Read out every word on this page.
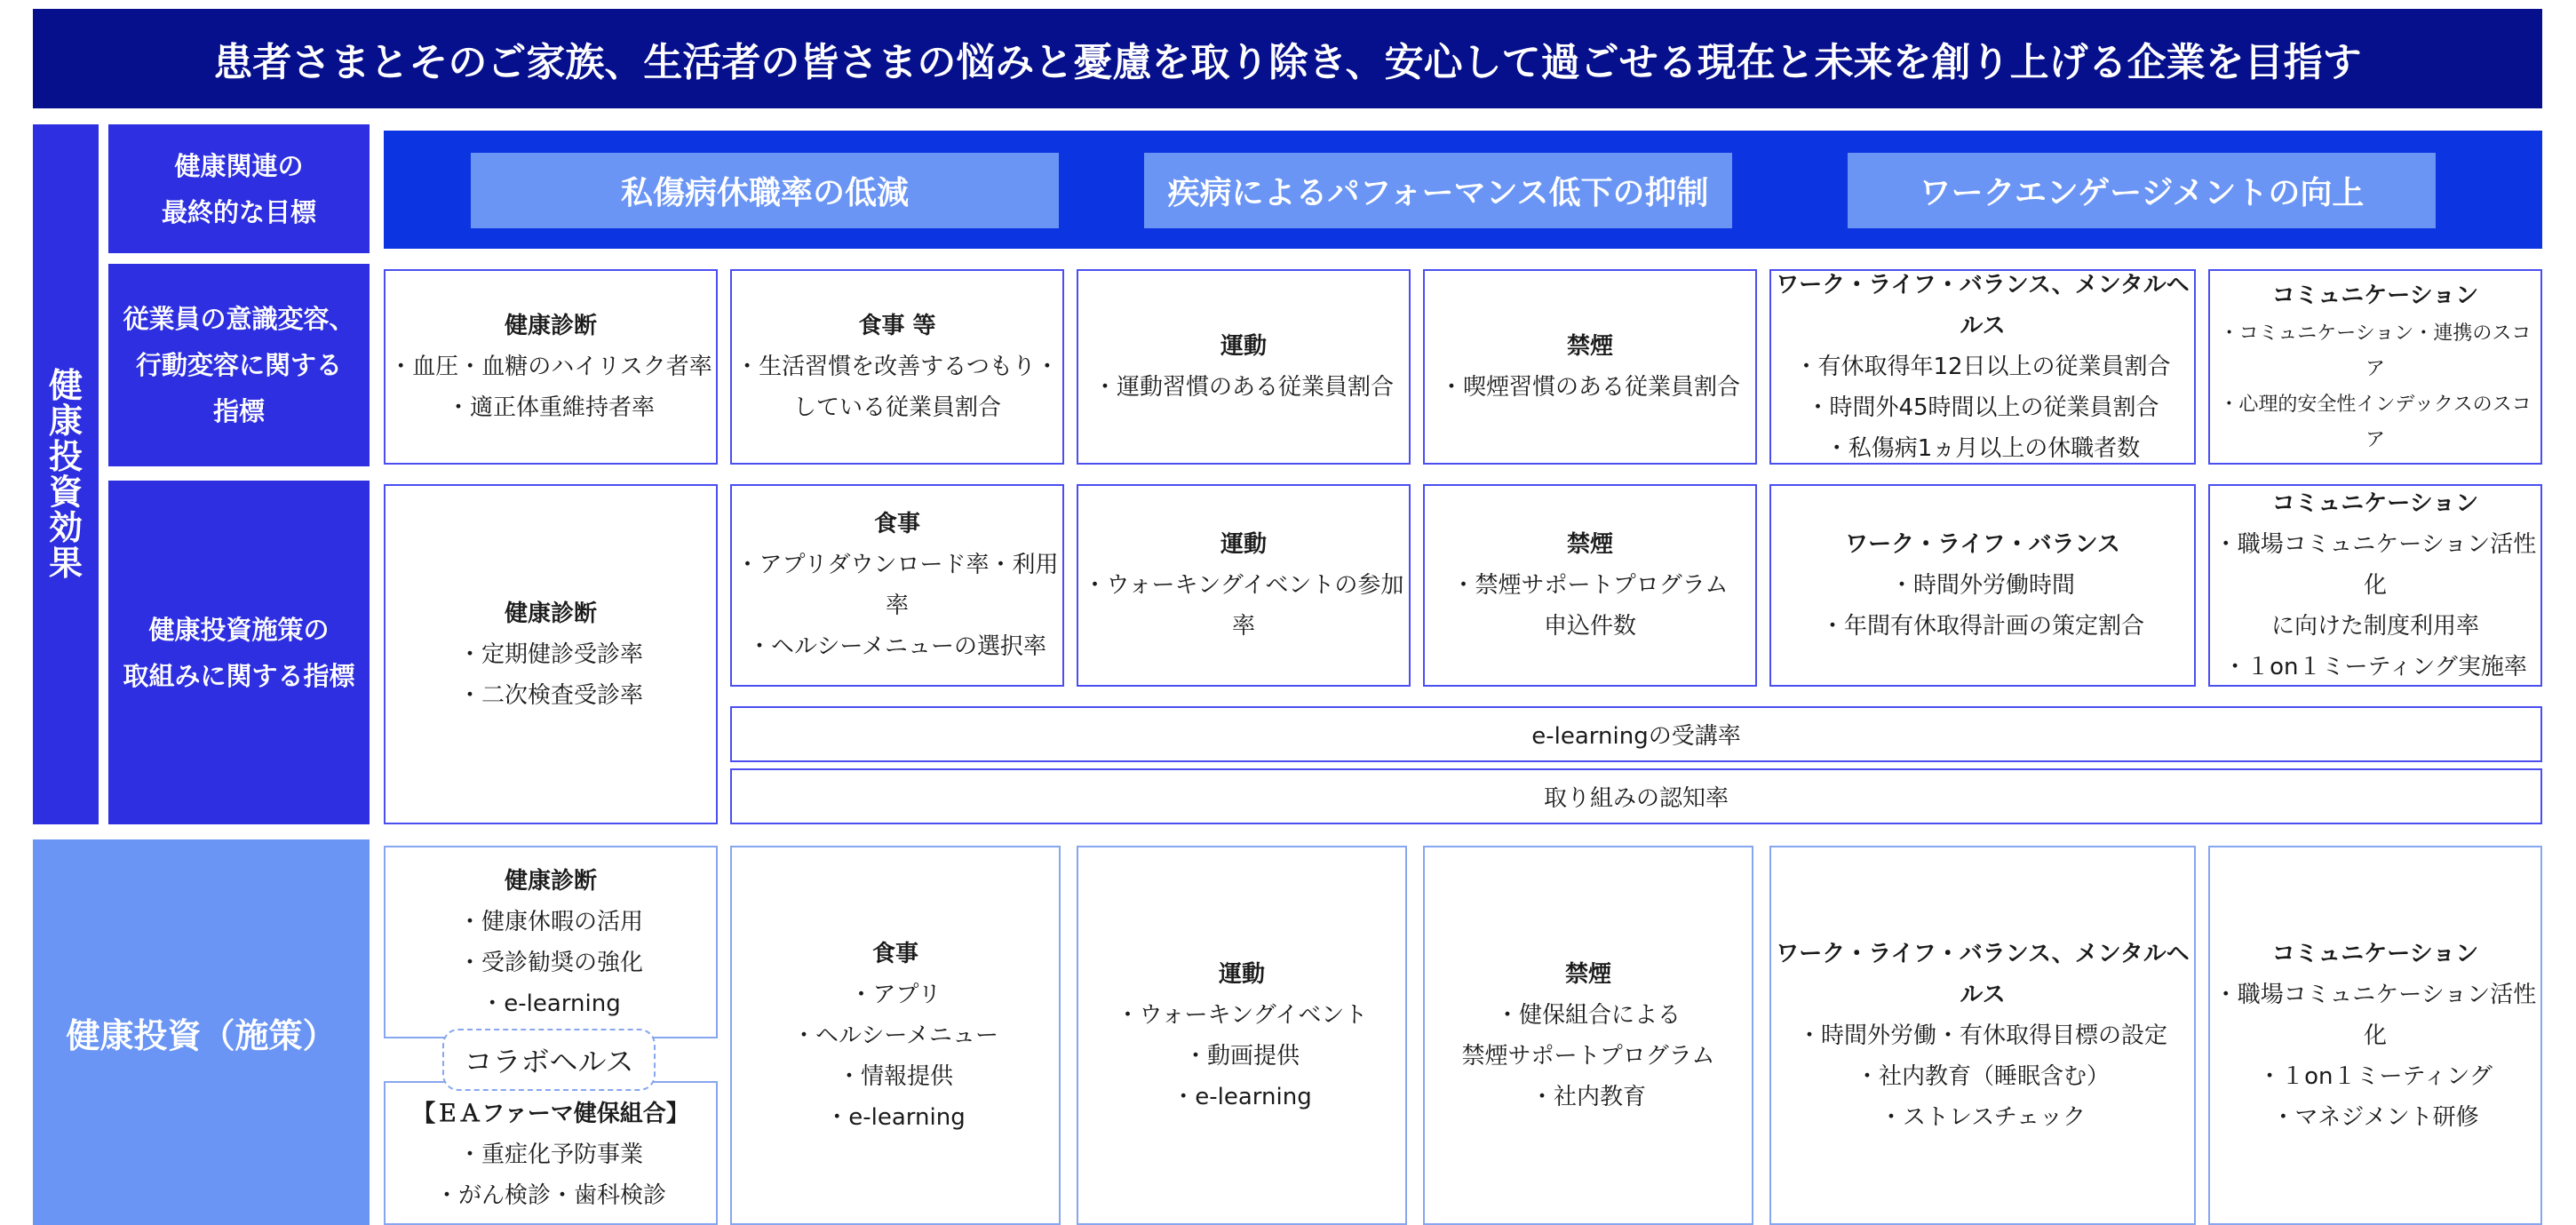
患者さまとそのご家族、生活者の皆さまの悩みと憂慮を取り除き、安心して過ごせる現在と未来を創り上げる企業を目指す
健
康
投
資
効
果
健康関連の
最終的な目標
従業員の意識変容、
行動変容に関する
指標
健康投資施策の
取組みに関する指標
私傷病休職率の低減	疾病によるパフォーマンス低下の抑制	ワークエンゲージメントの向上
健康診断
・血圧・血糖のハイリスク者率
・適正体重維持者率
食事 等
・生活習慣を改善するつもり・
している従業員割合
運動
・運動習慣のある従業員割合
禁煙
・喫煙習慣のある従業員割合
ワーク・ライフ・バランス、メンタルヘルス
・有休取得年12日以上の従業員割合
・時間外45時間以上の従業員割合
・私傷病1ヵ月以上の休職者数
コミュニケーション
・コミュニケーション・連携のスコア
・心理的安全性インデックスのスコア
健康診断
・定期健診受診率
・二次検査受診率
食事
・アプリダウンロード率・利用率
・ヘルシーメニューの選択率
運動
・ウォーキングイベントの参加率
禁煙
・禁煙サポートプログラム
申込件数
ワーク・ライフ・バランス
・時間外労働時間
・年間有休取得計画の策定割合
コミュニケーション
・職場コミュニケーション活性化
に向けた制度利用率
・１on１ミーティング実施率
e-learningの受講率
取り組みの認知率
健康投資（施策）
健康診断
・健康休暇の活用
・受診勧奨の強化
・e-learning
【ＥＡファーマ健保組合】
・重症化予防事業
・がん検診・歯科検診
コラボヘルス
食事
・アプリ
・ヘルシーメニュー
・情報提供
・e-learning
運動
・ウォーキングイベント
・動画提供
・e-learning
禁煙
・健保組合による
禁煙サポートプログラム
・社内教育
ワーク・ライフ・バランス、メンタルヘルス
・時間外労働・有休取得目標の設定
・社内教育（睡眠含む）
・ストレスチェック
コミュニケーション
・職場コミュニケーション活性化
・１on１ミーティング
・マネジメント研修
